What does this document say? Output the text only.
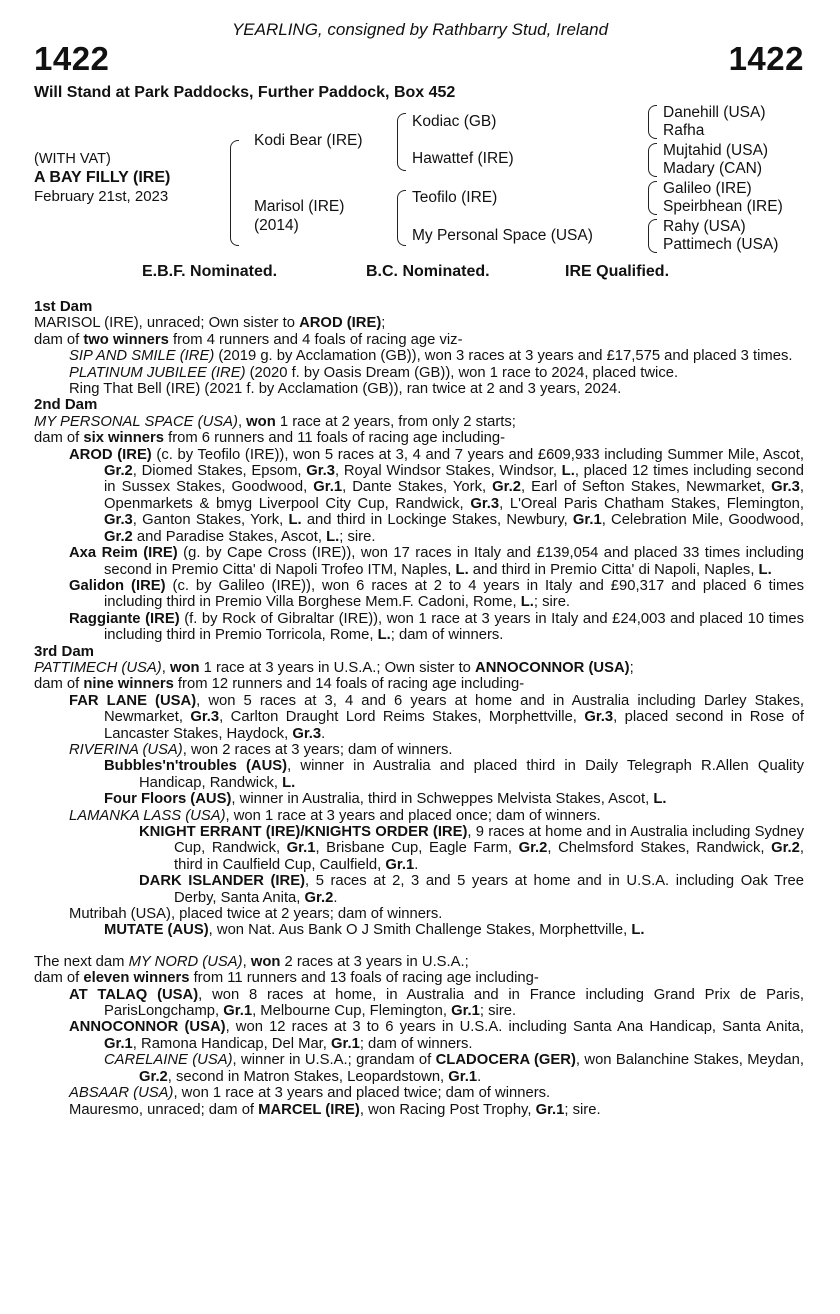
YEARLING, consigned by Rathbarry Stud, Ireland
1422	1422
Will Stand at Park Paddocks, Further Paddock, Box 452
(WITH VAT)
A BAY FILLY (IRE)
February 21st, 2023
Kodi Bear (IRE)
Marisol (IRE)
(2014)
Kodiac (GB)
Hawattef (IRE)
Teofilo (IRE)
My Personal Space (USA)
Danehill (USA)
Rafha
Mujtahid (USA)
Madary (CAN)
Galileo (IRE)
Speirbhean (IRE)
Rahy (USA)
Pattimech (USA)
E.B.F. Nominated.	B.C. Nominated.	IRE Qualified.
1st Dam

MARISOL (IRE), unraced; Own sister to AROD (IRE);

dam of two winners from 4 runners and 4 foals of racing age viz-

SIP AND SMILE (IRE) (2019 g. by Acclamation (GB)), won 3 races at 3 years and £17,575 and placed 3 times.

PLATINUM JUBILEE (IRE) (2020 f. by Oasis Dream (GB)), won 1 race to 2024, placed twice.

Ring That Bell (IRE) (2021 f. by Acclamation (GB)), ran twice at 2 and 3 years, 2024.

2nd Dam

MY PERSONAL SPACE (USA), won 1 race at 2 years, from only 2 starts;

dam of six winners from 6 runners and 11 foals of racing age including-

AROD (IRE) (c. by Teofilo (IRE)), won 5 races at 3, 4 and 7 years and £609,933 including Summer Mile, Ascot, Gr.2, Diomed Stakes, Epsom, Gr.3, Royal Windsor Stakes, Windsor, L., placed 12 times including second in Sussex Stakes, Goodwood, Gr.1, Dante Stakes, York, Gr.2, Earl of Sefton Stakes, Newmarket, Gr.3, Openmarkets & bmyg Liverpool City Cup, Randwick, Gr.3, L'Oreal Paris Chatham Stakes, Flemington, Gr.3, Ganton Stakes, York, L. and third in Lockinge Stakes, Newbury, Gr.1, Celebration Mile, Goodwood, Gr.2 and Paradise Stakes, Ascot, L.; sire.

Axa Reim (IRE) (g. by Cape Cross (IRE)), won 17 races in Italy and £139,054 and placed 33 times including second in Premio Citta' di Napoli Trofeo ITM, Naples, L. and third in Premio Citta' di Napoli, Naples, L.

Galidon (IRE) (c. by Galileo (IRE)), won 6 races at 2 to 4 years in Italy and £90,317 and placed 6 times including third in Premio Villa Borghese Mem.F. Cadoni, Rome, L.; sire.

Raggiante (IRE) (f. by Rock of Gibraltar (IRE)), won 1 race at 3 years in Italy and £24,003 and placed 10 times including third in Premio Torricola, Rome, L.; dam of winners.

3rd Dam

PATTIMECH (USA), won 1 race at 3 years in U.S.A.; Own sister to ANNOCONNOR (USA);

dam of nine winners from 12 runners and 14 foals of racing age including-

FAR LANE (USA), won 5 races at 3, 4 and 6 years at home and in Australia including Darley Stakes, Newmarket, Gr.3, Carlton Draught Lord Reims Stakes, Morphettville, Gr.3, placed second in Rose of Lancaster Stakes, Haydock, Gr.3.

RIVERINA (USA), won 2 races at 3 years; dam of winners.

Bubbles'n'troubles (AUS), winner in Australia and placed third in Daily Telegraph R.Allen Quality Handicap, Randwick, L.

Four Floors (AUS), winner in Australia, third in Schweppes Melvista Stakes, Ascot, L.

LAMANKA LASS (USA), won 1 race at 3 years and placed once; dam of winners.

KNIGHT ERRANT (IRE)/KNIGHTS ORDER (IRE), 9 races at home and in Australia including Sydney Cup, Randwick, Gr.1, Brisbane Cup, Eagle Farm, Gr.2, Chelmsford Stakes, Randwick, Gr.2, third in Caulfield Cup, Caulfield, Gr.1.

DARK ISLANDER (IRE), 5 races at 2, 3 and 5 years at home and in U.S.A. including Oak Tree Derby, Santa Anita, Gr.2.

Mutribah (USA), placed twice at 2 years; dam of winners.

MUTATE (AUS), won Nat. Aus Bank O J Smith Challenge Stakes, Morphettville, L.

The next dam MY NORD (USA), won 2 races at 3 years in U.S.A.;

dam of eleven winners from 11 runners and 13 foals of racing age including-

AT TALAQ (USA), won 8 races at home, in Australia and in France including Grand Prix de Paris, ParisLongchamp, Gr.1, Melbourne Cup, Flemington, Gr.1; sire.

ANNOCONNOR (USA), won 12 races at 3 to 6 years in U.S.A. including Santa Ana Handicap, Santa Anita, Gr.1, Ramona Handicap, Del Mar, Gr.1; dam of winners.

CARELAINE (USA), winner in U.S.A.; grandam of CLADOCERA (GER), won Balanchine Stakes, Meydan, Gr.2, second in Matron Stakes, Leopardstown, Gr.1.

ABSAAR (USA), won 1 race at 3 years and placed twice; dam of winners.

Mauresmo, unraced; dam of MARCEL (IRE), won Racing Post Trophy, Gr.1; sire.
